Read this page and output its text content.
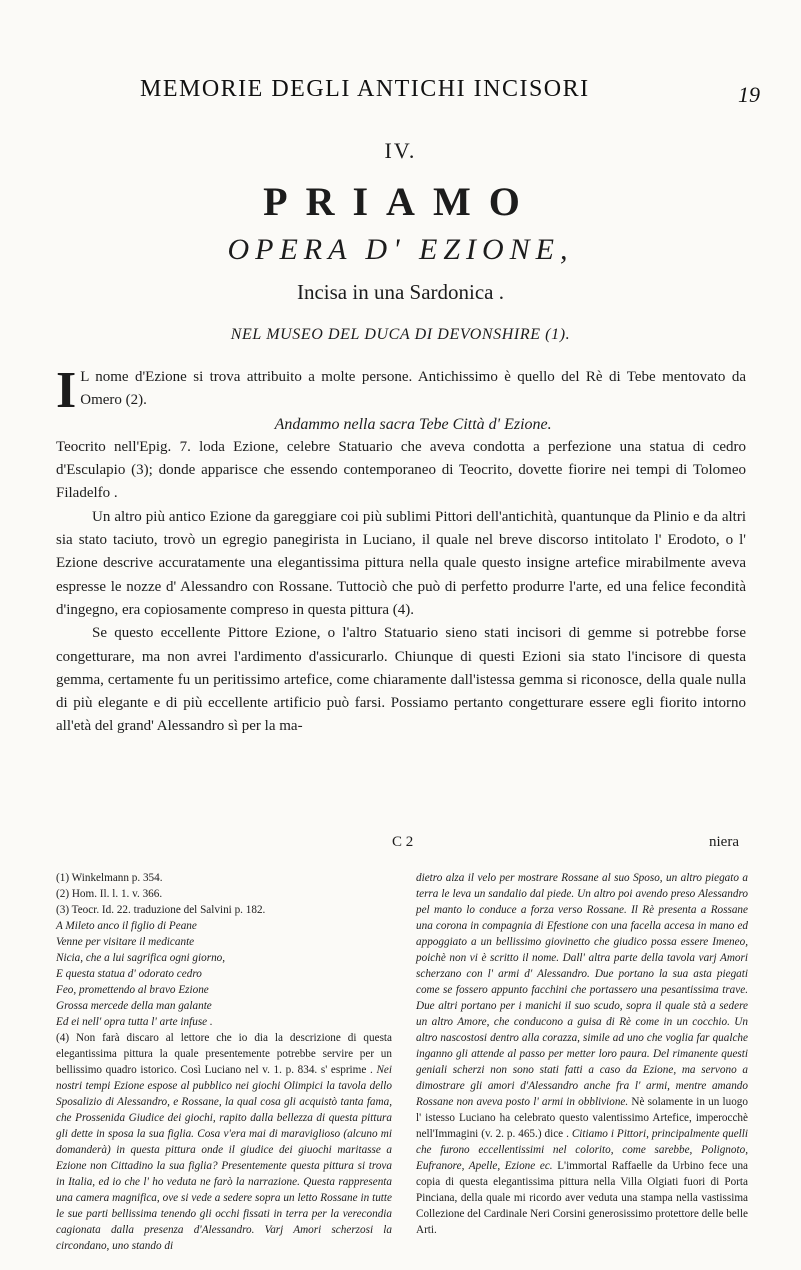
MEMORIE DEGLI ANTICHI INCISORI	19
IV.
PRIAMO
OPERA D' EZIONE,
Incisa in una Sardonica .
NEL MUSEO DEL DUCA DI DEVONSHIRE (1).

I L nome d'Ezione si trova attribuito a molte persone. Antichissimo è quello del Rè di Tebe mentovato da Omero (2).

Andammo nella sacra Tebe Città d' Ezione.

Teocrito nell'Epig. 7. loda Ezione, celebre Statuario che aveva condotta a perfezione una statua di cedro d'Esculapio (3); donde apparisce che essendo contemporaneo di Teocrito, dovette fiorire nei tempi di Tolomeo Filadelfo .

Un altro più antico Ezione da gareggiare coi più sublimi Pittori dell'antichità, quantunque da Plinio e da altri sia stato taciuto, trovò un egregio panegirista in Luciano, il quale nel breve discorso intitolato l' Erodoto, o l' Ezione descrive accuratamente una elegantissima pittura nella quale questo insigne artefice mirabilmente aveva espresse le nozze d' Alessandro con Rossane. Tuttociò che può di perfetto produrre l'arte, ed una felice fecondità d'ingegno, era copiosamente compreso in questa pittura (4).

Se questo eccellente Pittore Ezione, o l'altro Statuario sieno stati incisori di gemme si potrebbe forse congetturare, ma non avrei l'ardimento d'assicurarlo. Chiunque di questi Ezioni sia stato l'incisore di questa gemma, certamente fu un peritissimo artefice, come chiaramente dall'istessa gemma si riconosce, della quale nulla di più elegante e di più eccellente artificio può farsi. Possiamo pertanto congetturare essere egli fiorito intorno all'età del grand' Alessandro sì per la ma-

C 2	niera

(1) Winkelmann p. 354.

(2) Hom. Il. l. 1. v. 366.

(3) Teocr. Id. 22. traduzione del Salvini p. 182.

A Mileto anco il figlio di Peane

Venne per visitare il medicante

Nicia, che a lui sagrifica ogni giorno,

E questa statua d' odorato cedro

Feo, promettendo al bravo Ezione

Grossa mercede della man galante

Ed ei nell' opra tutta l' arte infuse .

(4) Non farà discaro al lettore che io dia la descrizione di questa elegantissima pittura la quale presentemente potrebbe servire per un bellissimo quadro istorico. Così Luciano nel v. 1. p. 834. s' esprime . Nei nostri tempi Ezione espose al pubblico nei giochi Olimpici la tavola dello Sposalizio di Alessandro, e Rossane, la qual cosa gli acquistò tanta fama, che Prossenida Giudice dei giochi, rapito dalla bellezza di questa pittura gli dette in sposa la sua figlia. Cosa v'era mai di maraviglioso (alcuno mi domanderà) in questa pittura onde il giudice dei giuochi maritasse a Ezione non Cittadino la sua figlia? Presentemente questa pittura si trova in Italia, ed io che l' ho veduta ne farò la narrazione. Questa rappresenta una camera magnifica, ove si vede a sedere sopra un letto Rossane in tutte le sue parti bellissima tenendo gli occhi fissati in terra per la verecondia cagionata dalla presenza d'Alessandro. Varj Amori scherzosi la circondano, uno stando di

dietro alza il velo per mostrare Rossane al suo Sposo, un altro piegato a terra le leva un sandalio dal piede. Un altro poi avendo preso Alessandro pel manto lo conduce a forza verso Rossane. Il Rè presenta a Rossane una corona in compagnia di Efestione con una facella accesa in mano ed appoggiato a un bellissimo giovinetto che giudico possa essere Imeneo, poichè non vi è scritto il nome. Dall' altra parte della tavola varj Amori scherzano con l' armi d' Alessandro. Due portano la sua asta piegati come se fossero appunto facchini che portassero una pesantissima trave. Due altri portano per i manichi il suo scudo, sopra il quale stà a sedere un altro Amore, che conducono a guisa di Rè come in un cocchio. Un altro nascostosi dentro alla corazza, simile ad uno che voglia far qualche inganno gli attende al passo per metter loro paura. Del rimanente questi geniali scherzi non sono stati fatti a caso da Ezione, ma servono a dimostrare gli amori d'Alessandro anche fra l' armi, mentre amando Rossane non aveva posto l' armi in obblivione. Nè solamente in un luogo l' istesso Luciano ha celebrato questo valentissimo Artefice, imperocchè nell'Immagini (v. 2. p. 465.) dice . Citiamo i Pittori, principalmente quelli che furono eccellentissimi nel colorito, come sarebbe, Polignoto, Eufranore, Apelle, Ezione ec. L'immortal Raffaelle da Urbino fece una copia di questa elegantissima pittura nella Villa Olgiati fuori di Porta Pinciana, della quale mi ricordo aver veduta una stampa nella vastissima Collezione del Cardinale Neri Corsini generosissimo protettore delle belle Arti.
